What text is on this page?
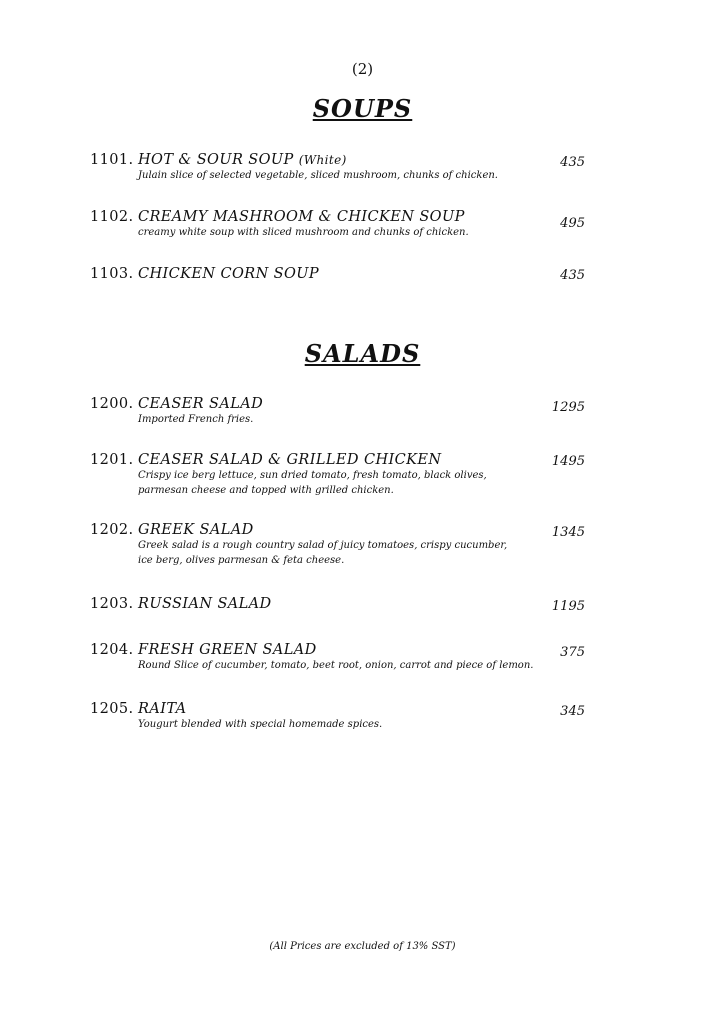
(2)
SOUPS
1101. HOT & SOUR SOUP (White)
Julain slice of selected vegetable, sliced mushroom, chunks of chicken.
435
1102. CREAMY MASHROOM & CHICKEN SOUP
creamy white soup with sliced mushroom and chunks of chicken.
495
1103. CHICKEN CORN SOUP	435
SALADS
1200. CEASER SALAD
Imported French fries.
1295
1201. CEASER SALAD & GRILLED CHICKEN
Crispy ice berg lettuce, sun dried tomato, fresh tomato, black olives,
parmesan cheese and topped with grilled chicken.
1495
1202. GREEK SALAD
Greek salad is a rough country salad of juicy tomatoes, crispy cucumber,
ice berg, olives parmesan & feta cheese.
1345
1203. RUSSIAN SALAD	1195
1204. FRESH GREEN SALAD
Round Slice of cucumber, tomato, beet root, onion, carrot and piece of lemon.
375
1205. RAITA
Yougurt blended with special homemade spices.
345
(All Prices are excluded of 13% SST)
